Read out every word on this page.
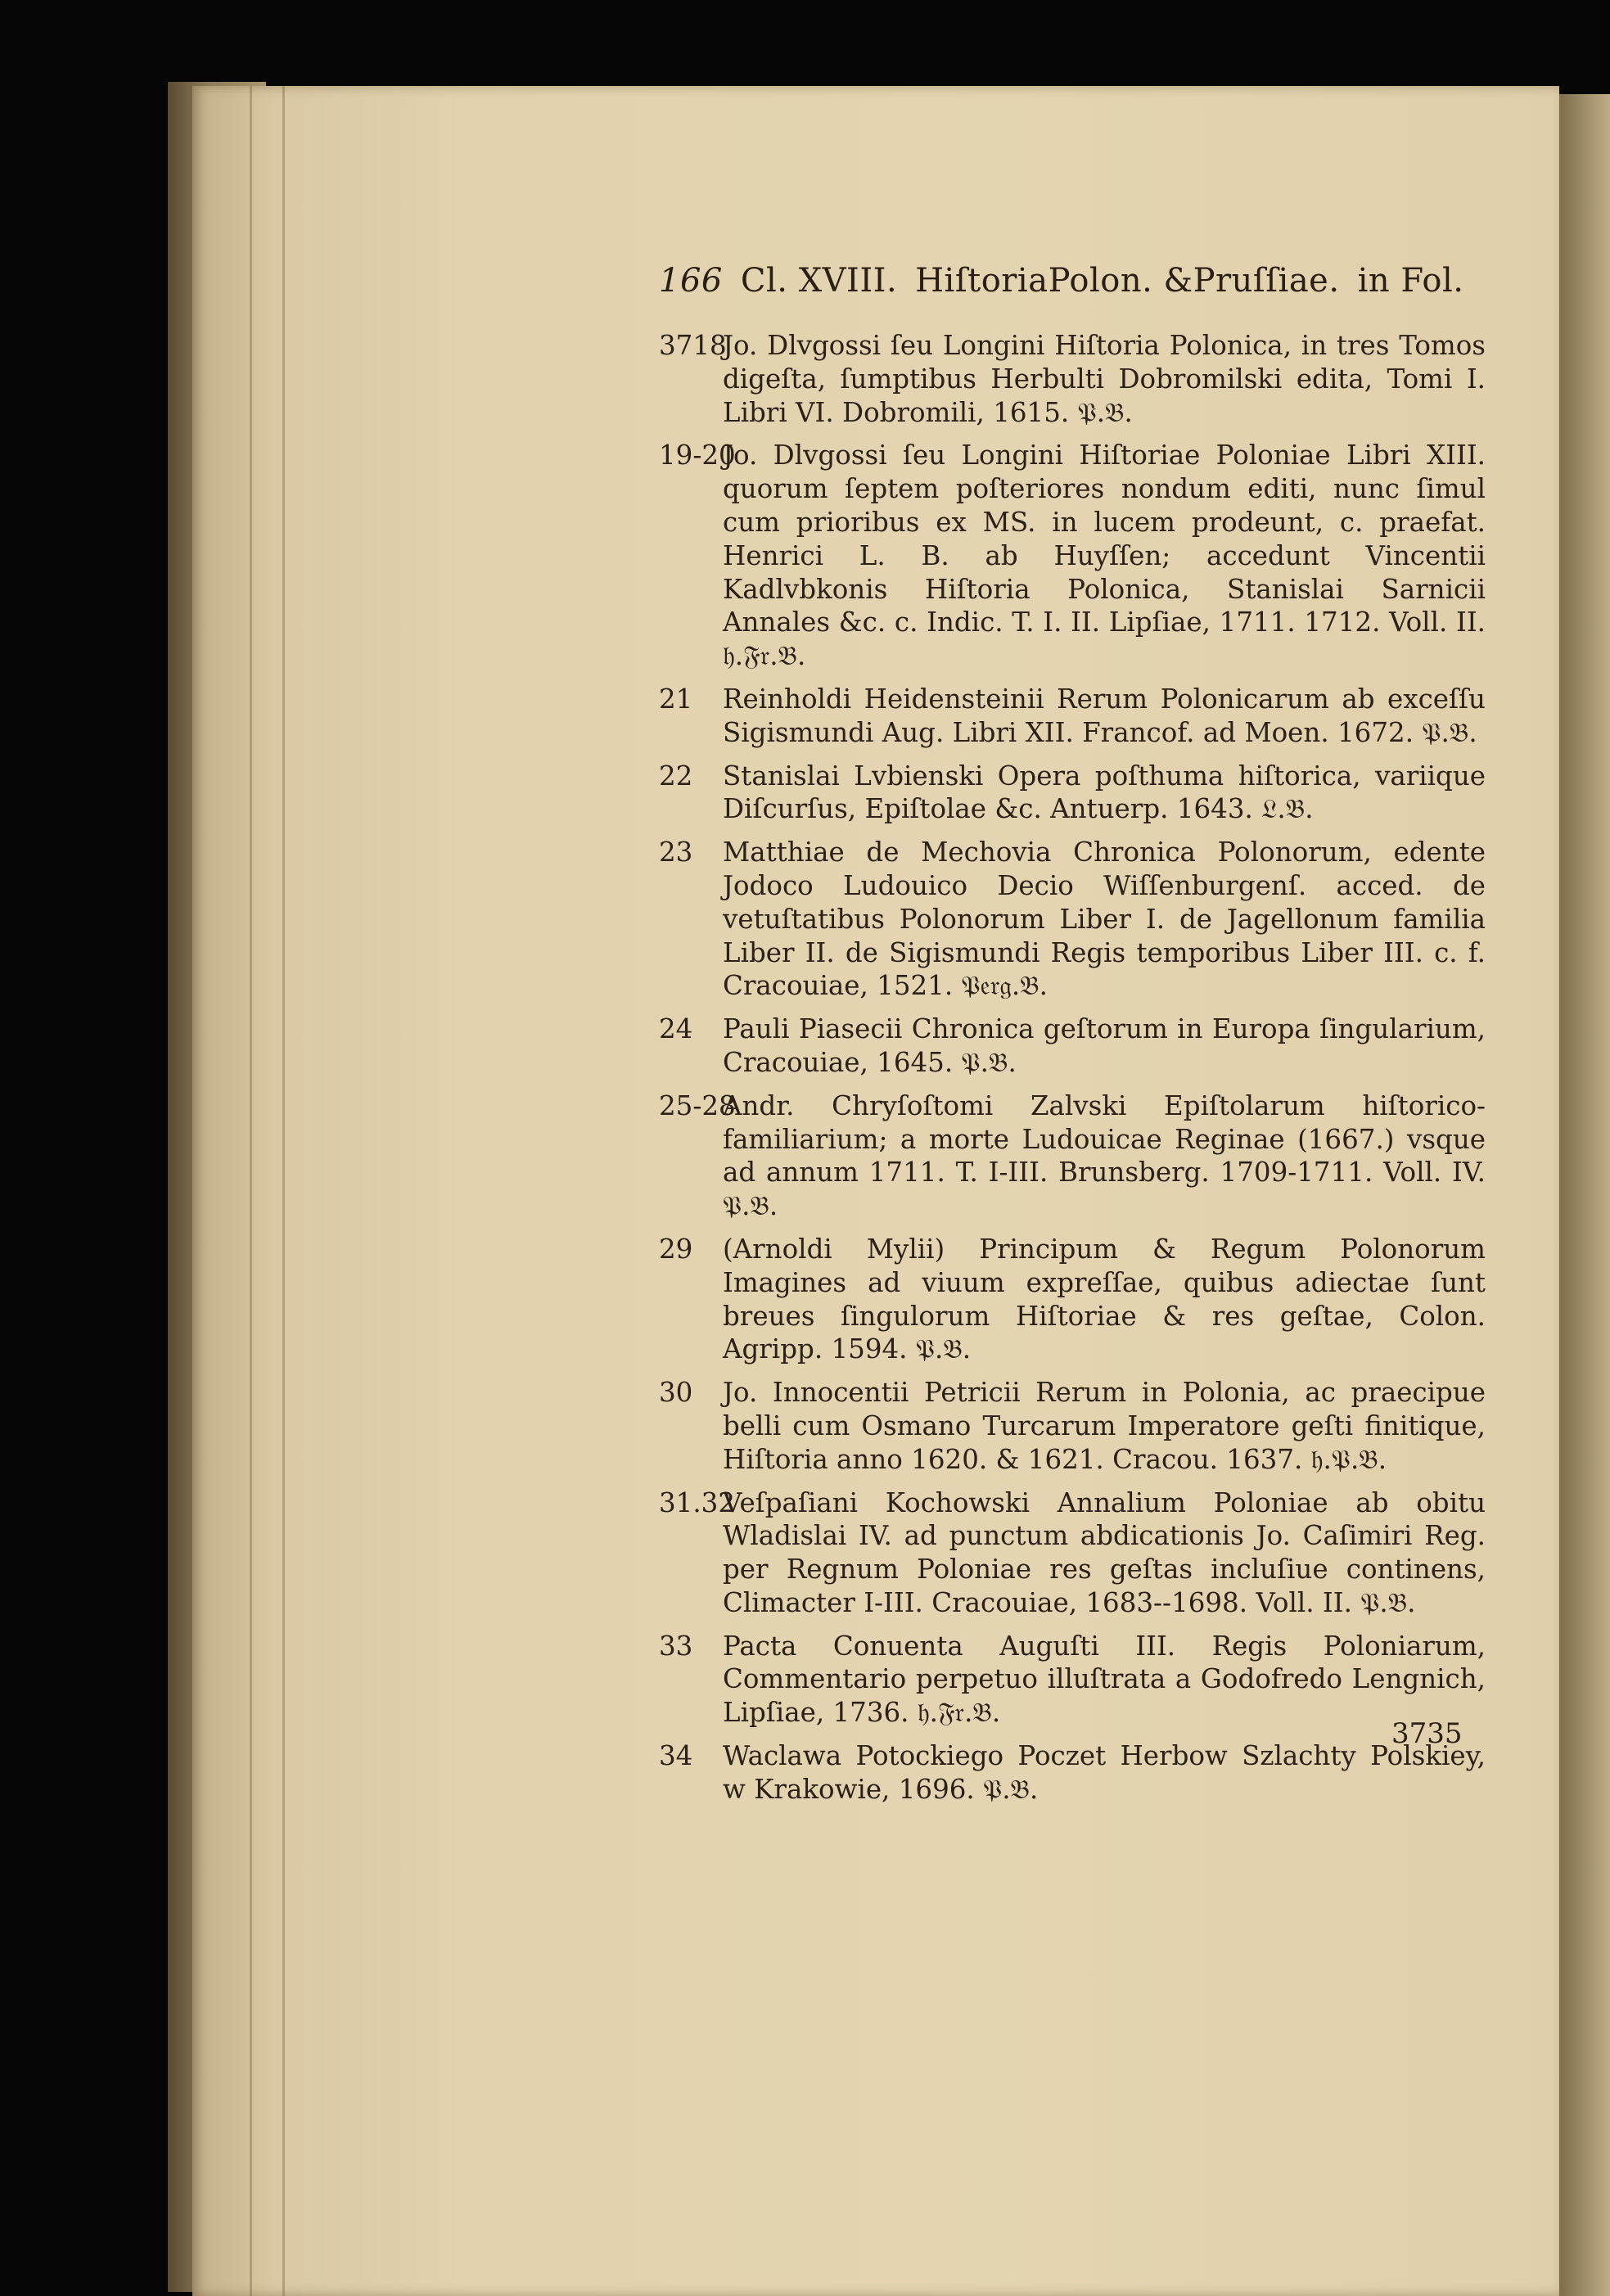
166 Cl. XVIII. HiſtoriaPolon. &Pruſſiae. in Fol.
3718
Jo. Dlvgossi ſeu Longini Hiſtoria Polonica, in tres Tomos digeſta, ſumptibus Herbulti Dobromilski edita, Tomi I. Libri VI. Dobromili, 1615. 𝔓.𝔅.
19-20
Jo. Dlvgossi ſeu Longini Hiſtoriae Poloniae Libri XIII. quorum ſeptem poſteriores nondum editi, nunc ſimul cum prioribus ex MS. in lucem prodeunt, c. praefat. Henrici L. B. ab Huyſſen; accedunt Vincentii Kadlvbkonis Hiſtoria Polonica, Stanislai Sarnicii Annales &c. c. Indic. T. I. II. Lipſiae, 1711. 1712. Voll. II. 𝔥.𝔉𝔯.𝔅.
21 Reinholdi Heidensteinii Rerum Polonicarum ab exceſſu Sigismundi Aug. Libri XII. Francof. ad Moen. 1672. 𝔓.𝔅.
22 Stanislai Lvbienski Opera poſthuma hiſtorica, variique Diſcurſus, Epiſtolae &c. Antuerp. 1643. 𝔏.𝔅.
23 Matthiae de Mechovia Chronica Polonorum, edente Jodoco Ludouico Decio Wiſſenburgenſ. acced. de vetuſtatibus Polonorum Liber I. de Jagellonum familia Liber II. de Sigismundi Regis temporibus Liber III. c. f. Cracouiae, 1521. 𝔓𝔢𝔯𝔤.𝔅.
24 Pauli Piasecii Chronica geſtorum in Europa ſingularium, Cracouiae, 1645. 𝔓.𝔅.
25-28
Andr. Chryſoſtomi Zalvski Epiſtolarum hiſtorico-familiarium; a morte Ludouicae Reginae (1667.) vsque ad annum 1711. T. I-III. Brunsberg. 1709-1711. Voll. IV. 𝔓.𝔅.
29 (Arnoldi Mylii) Principum & Regum Polonorum Imagines ad viuum expreſſae, quibus adiectae ſunt breues ſingulorum Hiſtoriae & res geſtae, Colon. Agripp. 1594. 𝔓.𝔅.
30 Jo. Innocentii Petricii Rerum in Polonia, ac praecipue belli cum Osmano Turcarum Imperatore geſti finitique, Hiſtoria anno 1620. & 1621. Cracou. 1637. 𝔥.𝔓.𝔅.
31.32
Veſpaſiani Kochowski Annalium Poloniae ab obitu Wladislai IV. ad punctum abdicationis Jo. Caſimiri Reg. per Regnum Poloniae res geſtas incluſiue continens, Climacter I-III. Cracouiae, 1683--1698. Voll. II. 𝔓.𝔅.
33 Pacta Conuenta Auguſti III. Regis Poloniarum, Commentario perpetuo illuſtrata a Godofredo Lengnich, Lipſiae, 1736. 𝔥.𝔉𝔯.𝔅.
34 Waclawa Potockiego Poczet Herbow Szlachty Polskiey, w Krakowie, 1696. 𝔓.𝔅.
3735
